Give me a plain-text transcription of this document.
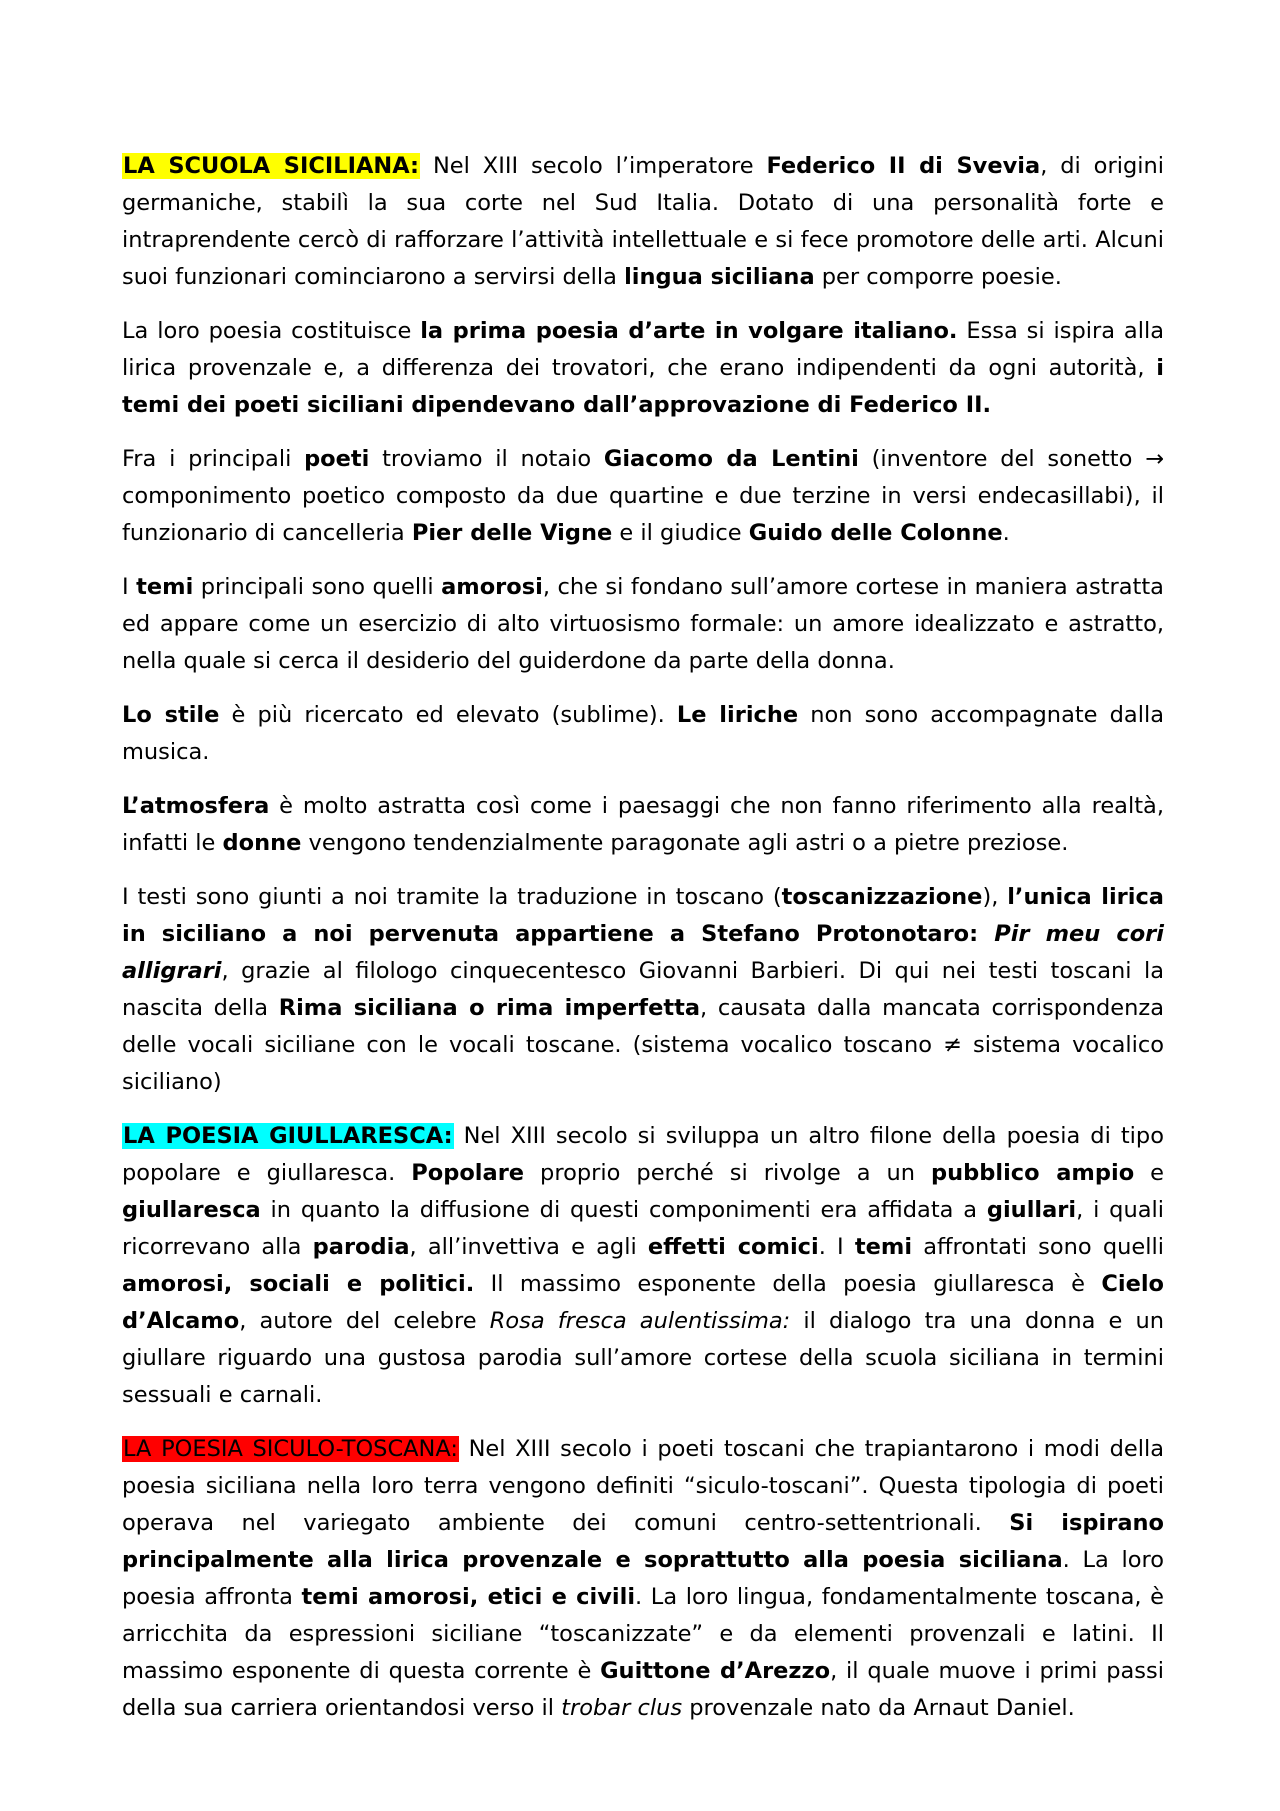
LA SCUOLA SICILIANA: Nel XIII secolo l’imperatore Federico II di Svevia, di origini germaniche, stabilì la sua corte nel Sud Italia. Dotato di una personalità forte e intraprendente cercò di rafforzare l’attività intellettuale e si fece promotore delle arti. Alcuni suoi funzionari cominciarono a servirsi della lingua siciliana per comporre poesie.

La loro poesia costituisce la prima poesia d’arte in volgare italiano. Essa si ispira alla lirica provenzale e, a differenza dei trovatori, che erano indipendenti da ogni autorità, i temi dei poeti siciliani dipendevano dall’approvazione di Federico II.

Fra i principali poeti troviamo il notaio Giacomo da Lentini (inventore del sonetto → componimento poetico composto da due quartine e due terzine in versi endecasillabi), il funzionario di cancelleria Pier delle Vigne e il giudice Guido delle Colonne.

I temi principali sono quelli amorosi, che si fondano sull’amore cortese in maniera astratta ed appare come un esercizio di alto virtuosismo formale: un amore idealizzato e astratto, nella quale si cerca il desiderio del guiderdone da parte della donna.

Lo stile è più ricercato ed elevato (sublime). Le liriche non sono accompagnate dalla musica.

L’atmosfera è molto astratta così come i paesaggi che non fanno riferimento alla realtà, infatti le donne vengono tendenzialmente paragonate agli astri o a pietre preziose.

I testi sono giunti a noi tramite la traduzione in toscano (toscanizzazione), l’unica lirica in siciliano a noi pervenuta appartiene a Stefano Protonotaro: Pir meu cori alligrari, grazie al filologo cinquecentesco Giovanni Barbieri. Di qui nei testi toscani la nascita della Rima siciliana o rima imperfetta, causata dalla mancata corrispondenza delle vocali siciliane con le vocali toscane. (sistema vocalico toscano ≠ sistema vocalico siciliano)

LA POESIA GIULLARESCA: Nel XIII secolo si sviluppa un altro filone della poesia di tipo popolare e giullaresca. Popolare proprio perché si rivolge a un pubblico ampio e giullaresca in quanto la diffusione di questi componimenti era affidata a giullari, i quali ricorrevano alla parodia, all’invettiva e agli effetti comici. I temi affrontati sono quelli amorosi, sociali e politici. Il massimo esponente della poesia giullaresca è Cielo d’Alcamo, autore del celebre Rosa fresca aulentissima: il dialogo tra una donna e un giullare riguardo una gustosa parodia sull’amore cortese della scuola siciliana in termini sessuali e carnali.

LA POESIA SICULO-TOSCANA: Nel XIII secolo i poeti toscani che trapiantarono i modi della poesia siciliana nella loro terra vengono definiti “siculo-toscani”. Questa tipologia di poeti operava nel variegato ambiente dei comuni centro-settentrionali. Si ispirano principalmente alla lirica provenzale e soprattutto alla poesia siciliana. La loro poesia affronta temi amorosi, etici e civili. La loro lingua, fondamentalmente toscana, è arricchita da espressioni siciliane “toscanizzate” e da elementi provenzali e latini. Il massimo esponente di questa corrente è Guittone d’Arezzo, il quale muove i primi passi della sua carriera orientandosi verso il trobar clus provenzale nato da Arnaut Daniel.
